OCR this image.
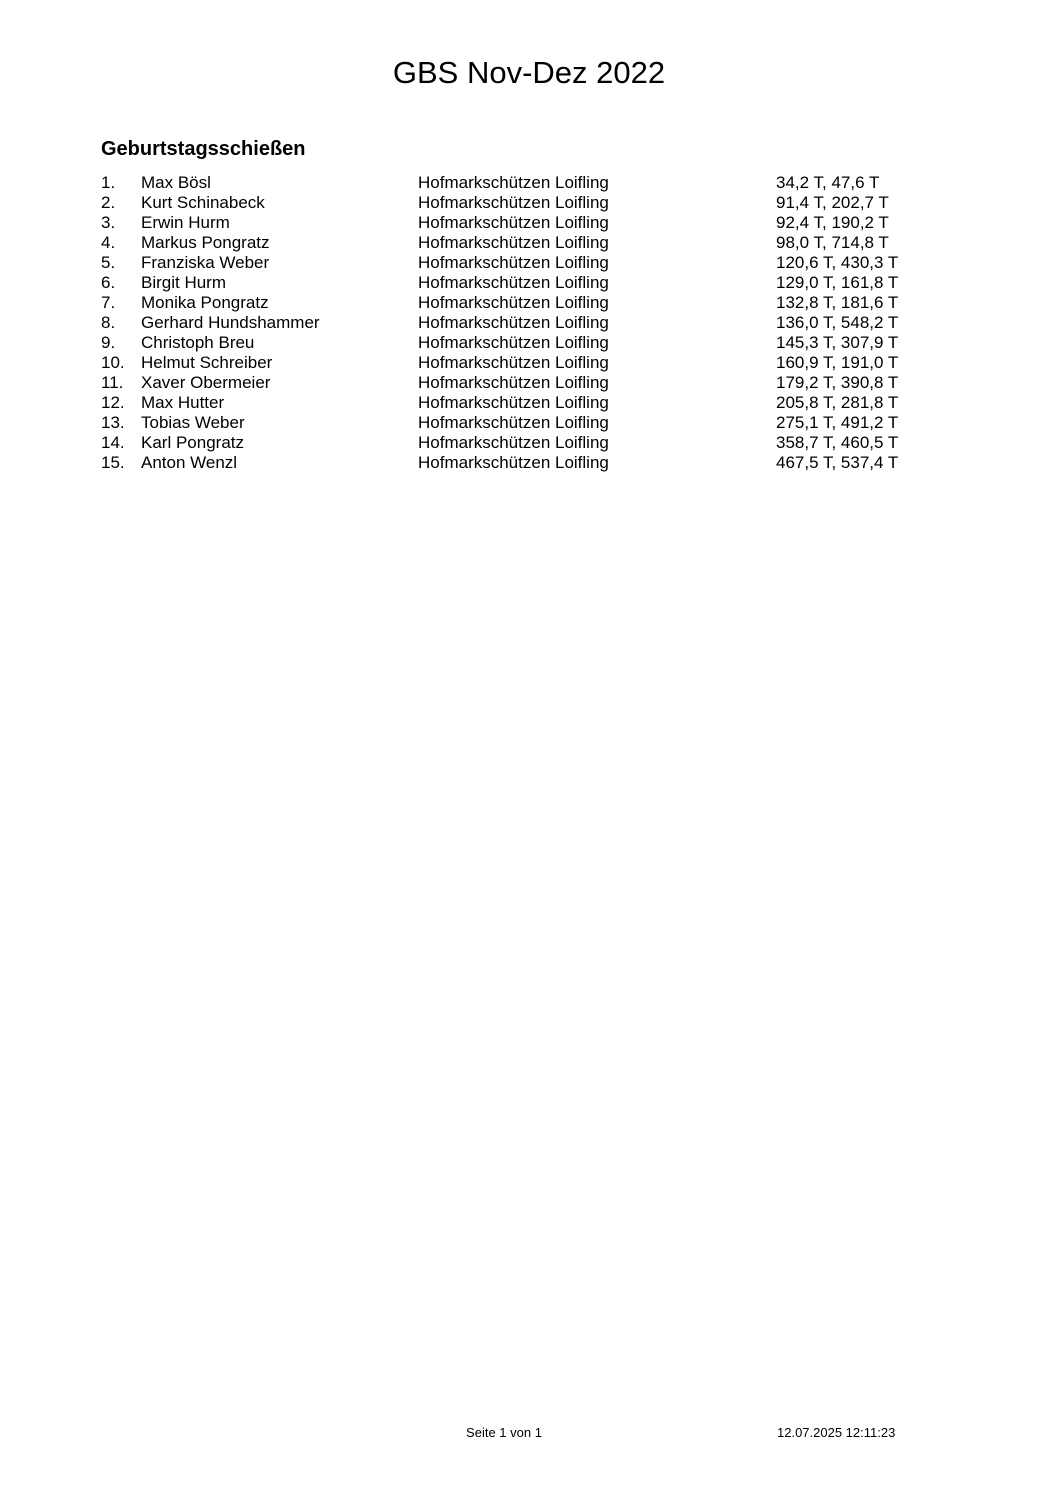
GBS Nov-Dez 2022
Geburtstagsschießen
1. Max Bösl	Hofmarkschützen Loifling	34,2 T, 47,6 T
2. Kurt Schinabeck	Hofmarkschützen Loifling	91,4 T, 202,7 T
3. Erwin Hurm	Hofmarkschützen Loifling	92,4 T, 190,2 T
4. Markus Pongratz	Hofmarkschützen Loifling	98,0 T, 714,8 T
5. Franziska Weber	Hofmarkschützen Loifling	120,6 T, 430,3 T
6. Birgit Hurm	Hofmarkschützen Loifling	129,0 T, 161,8 T
7. Monika Pongratz	Hofmarkschützen Loifling	132,8 T, 181,6 T
8. Gerhard Hundshammer	Hofmarkschützen Loifling	136,0 T, 548,2 T
9. Christoph Breu	Hofmarkschützen Loifling	145,3 T, 307,9 T
10. Helmut Schreiber	Hofmarkschützen Loifling	160,9 T, 191,0 T
11. Xaver Obermeier	Hofmarkschützen Loifling	179,2 T, 390,8 T
12. Max Hutter	Hofmarkschützen Loifling	205,8 T, 281,8 T
13. Tobias Weber	Hofmarkschützen Loifling	275,1 T, 491,2 T
14. Karl Pongratz	Hofmarkschützen Loifling	358,7 T, 460,5 T
15. Anton Wenzl	Hofmarkschützen Loifling	467,5 T, 537,4 T
Seite 1 von 1	12.07.2025 12:11:23
